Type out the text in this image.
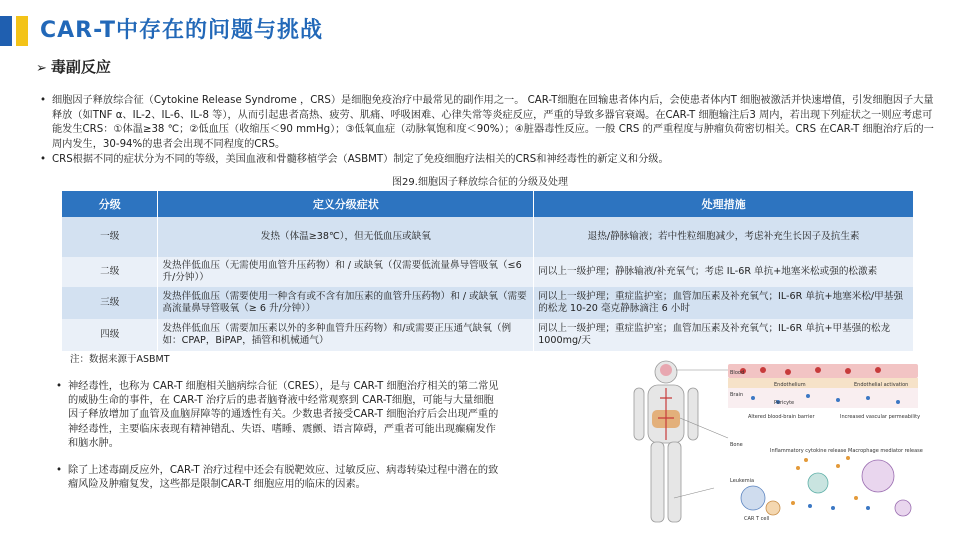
CAR-T中存在的问题与挑战
➢ 毒副反应

• 细胞因子释放综合征（Cytokine Release Syndrome ，CRS）是细胞免疫治疗中最常见的副作用之一。 CAR-T细胞在回输患者体内后，会使患者体内T 细胞被激活并快速增值，引发细胞因子大量释放（如TNF α、IL-2、IL-6、IL-8 等），从而引起患者高热、疲劳、肌痛、呼吸困难、心律失常等炎症反应，严重的导致多器官衰竭。在CAR-T 细胞输注后3 周内，若出现下列症状之一则应考虑可能发生CRS：①体温≥38 ℃；②低血压（收缩压＜90 mmHg）；③低氧血症（动脉氧饱和度＜90%）；④脏器毒性反应。一般 CRS 的严重程度与肿瘤负荷密切相关。CRS 在CAR-T 细胞治疗后的一周内发生，30-94%的患者会出现不同程度的CRS。

• CRS根据不同的症状分为不同的等级，美国血液和骨髓移植学会（ASBMT）制定了免疫细胞疗法相关的CRS和神经毒性的新定义和分级。

图29.细胞因子释放综合征的分级及处理
分级	定义分级症状	处理措施
一级	发热（体温≥38℃），但无低血压或缺氧	退热/静脉输液；若中性粒细胞减少，考虑补充生长因子及抗生素
二级	发热伴低血压（无需使用血管升压药物）和 / 或缺氧（仅需要低流量鼻导管吸氧（≤6 升/分钟））	同以上一级护理；静脉输液/补充氧气；考虑 IL-6R 单抗+地塞米松或强的松激素
三级	发热伴低血压（需要使用一种含有或不含有加压素的血管升压药物）和 / 或缺氧（需要高流量鼻导管吸氧（≥ 6 升/分钟））	同以上一级护理；重症监护室；血管加压素及补充氧气；IL-6R 单抗+地塞米松/甲基强的松龙 10-20 毫克静脉滴注 6 小时
四级	发热伴低血压（需要加压素以外的多种血管升压药物）和/或需要正压通气缺氧（例如：CPAP，BiPAP，插管和机械通气）	同以上一级护理；重症监护室；血管加压素及补充氧气；IL-6R 单抗+甲基强的松龙1000mg/天
注：数据来源于ASBMT

• 神经毒性，也称为 CAR-T 细胞相关脑病综合征（CRES），是与 CAR-T 细胞治疗相关的第二常见的威胁生命的事件，在 CAR-T 治疗后的患者脑脊液中经常观察到 CAR-T细胞，可能与大量细胞因子释放增加了血管及血脑屏障等的通透性有关。少数患者接受CAR-T 细胞治疗后会出现严重的神经毒性，主要临床表现有精神错乱、失语、嗜睡、震颤、语言障碍，严重者可能出现癫痫发作和脑水肿。

• 除了上述毒副反应外，CAR-T 治疗过程中还会有脱靶效应、过敏反应、病毒转染过程中潜在的致瘤风险及肿瘤复发，这些都是限制CAR-T 细胞应用的临床的因素。

Blood
Endothelium	Endothelial activation
Brain
Pericyte
Altered blood-brain barrier	Increased vascular permeability
Bone
Inflammatory cytokine release Macrophage mediator release
Leukemia
CAR T cell
